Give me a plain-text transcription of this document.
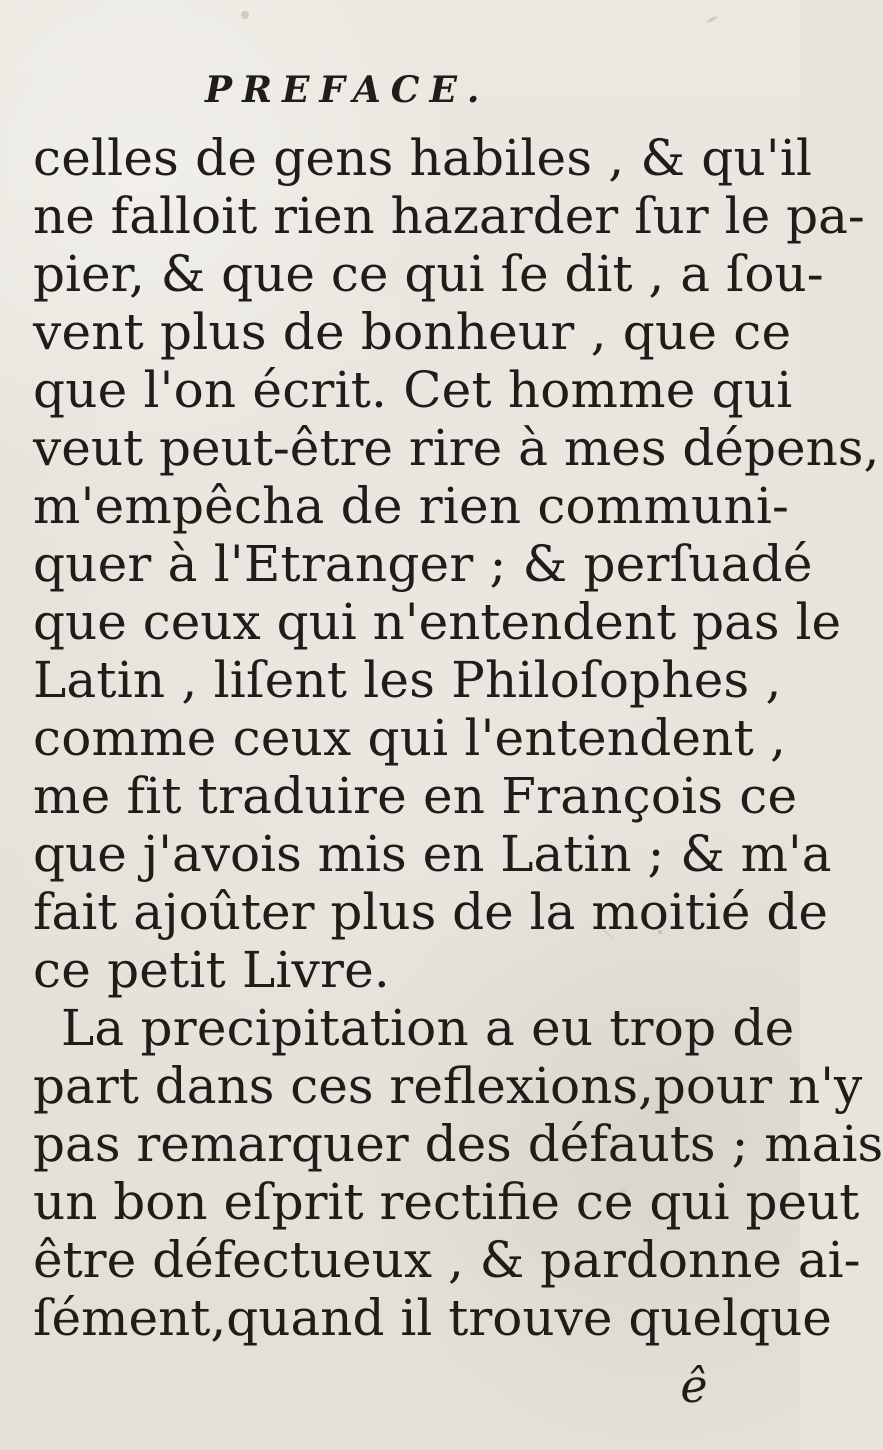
PREFACE.
celles de gens habiles , & qu'il
ne falloit rien hazarder ſur le pa-
pier, & que ce qui ſe dit , a ſou-
vent plus de bonheur , que ce
que l'on écrit. Cet homme qui
veut peut-être rire à mes dépens,
m'empêcha de rien communi-
quer à l'Etranger ; & perſuadé
que ceux qui n'entendent pas le
Latin , liſent les Philoſophes ,
comme ceux qui l'entendent ,
me fit traduire en François ce
que j'avois mis en Latin ; & m'a
fait ajoûter plus de la moitié de
ce petit Livre.
La precipitation a eu trop de
part dans ces reflexions,pour n'y
pas remarquer des défauts ; mais
un bon eſprit rectifie ce qui peut
être défectueux , & pardonne ai-
ſément,quand il trouve quelque
ê
